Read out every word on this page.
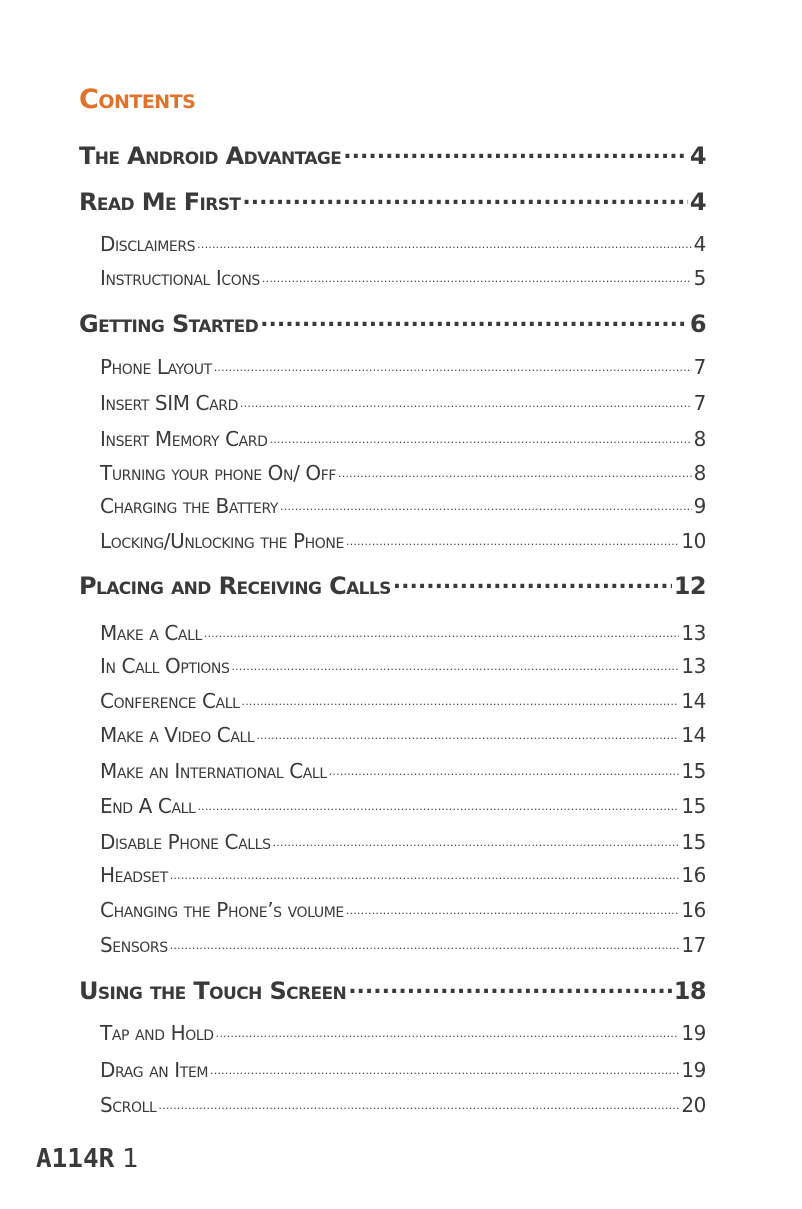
Contents
The Android Advantage .....	4
Read Me First .....	4
Disclaimers .....	4
Instructional Icons .....	5
Getting Started .....	6
Phone Layout .....	7
Insert SIM Card .....	7
Insert Memory Card .....	8
Turning your phone On/ Off .....	8
Charging the Battery .....	9
Locking/Unlocking the Phone .....	10
Placing and Receiving Calls .....	12
Make a Call .....	13
In Call Options .....	13
Conference Call .....	14
Make a Video Call .....	14
Make an International Call .....	15
End A Call .....	15
Disable Phone Calls .....	15
Headset .....	16
Changing the Phone’s volume .....	16
Sensors .....	17
Using the Touch Screen .....	18
Tap and Hold .....	19
Drag an Item .....	19
Scroll .....	20
A114R 1
